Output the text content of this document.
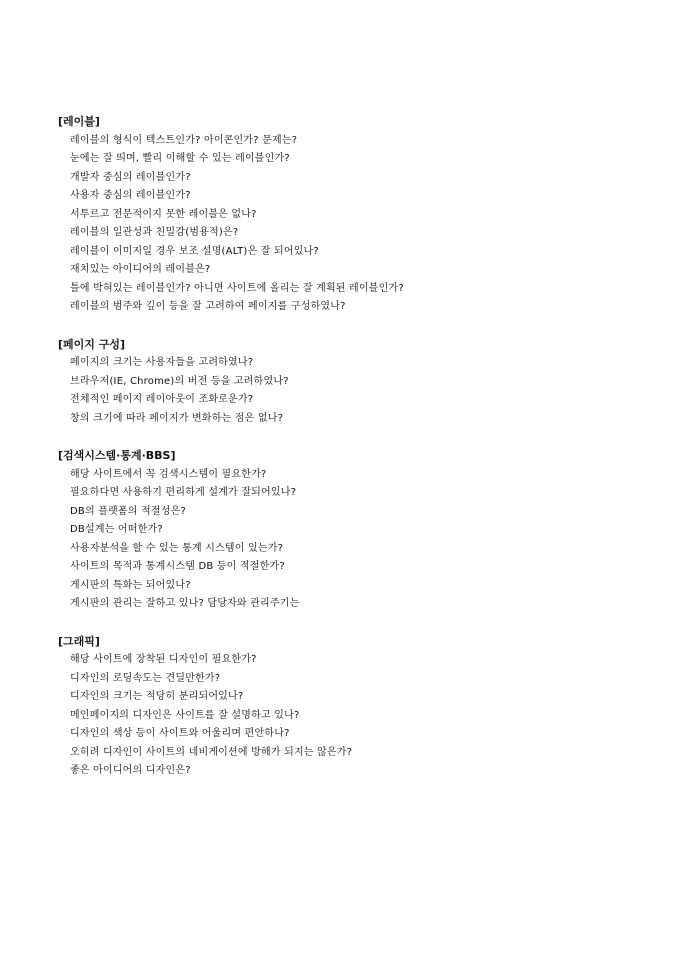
[레이블]
레이블의 형식이 텍스트인가? 아이콘인가? 문제는?
눈에는 잘 띄며, 빨리 이해할 수 있는 레이블인가?
개발자 중심의 레이블인가?
사용자 중심의 레이블인가?
서투르고 전문적이지 못한 레이블은 없나?
레이블의 일관성과 친밀감(범용적)은?
레이블이 이미지일 경우 보조 설명(ALT)은 잘 되어있나?
재치있는 아이디어의 레이블은?
틀에 박혀있는 레이블인가? 아니면 사이트에 올리는 잘 계획된 레이블인가?
레이블의 범주와 깊이 등을 잘 고려하여 페이지를 구성하였나?
[페이지 구성]
페이지의 크기는 사용자들을 고려하였나?
브라우저(IE, Chrome)의 버전 등을 고려하였나?
전체적인 페이지 레이아웃이 조화로운가?
창의 크기에 따라 페이지가 변화하는 점은 없나?
[검색시스템·통계·BBS]
해당 사이트에서 꼭 검색시스템이 필요한가?
필요하다면 사용하기 편리하게 설계가 잘되어있나?
DB의 플랫폼의 적절성은?
DB설계는 어떠한가?
사용자분석을 할 수 있는 통계 시스템이 있는가?
사이트의 목적과 통계시스템 DB 등이 적절한가?
게시판의 특화는 되어있나?
게시판의 관리는 잘하고 있나? 담당자와 관리주기는
[그래픽]
해당 사이트에 장착된 디자인이 필요한가?
디자인의 로딩속도는 견딜만한가?
디자인의 크기는 적당히 분리되어있나?
메인페이지의 디자인은 사이트를 잘 설명하고 있나?
디자인의 색상 등이 사이트와 어울리며 편안하나?
오히려 디자인이 사이트의 네비게이션에 방해가 되지는 않은가?
좋은 아이디어의 디자인은?
